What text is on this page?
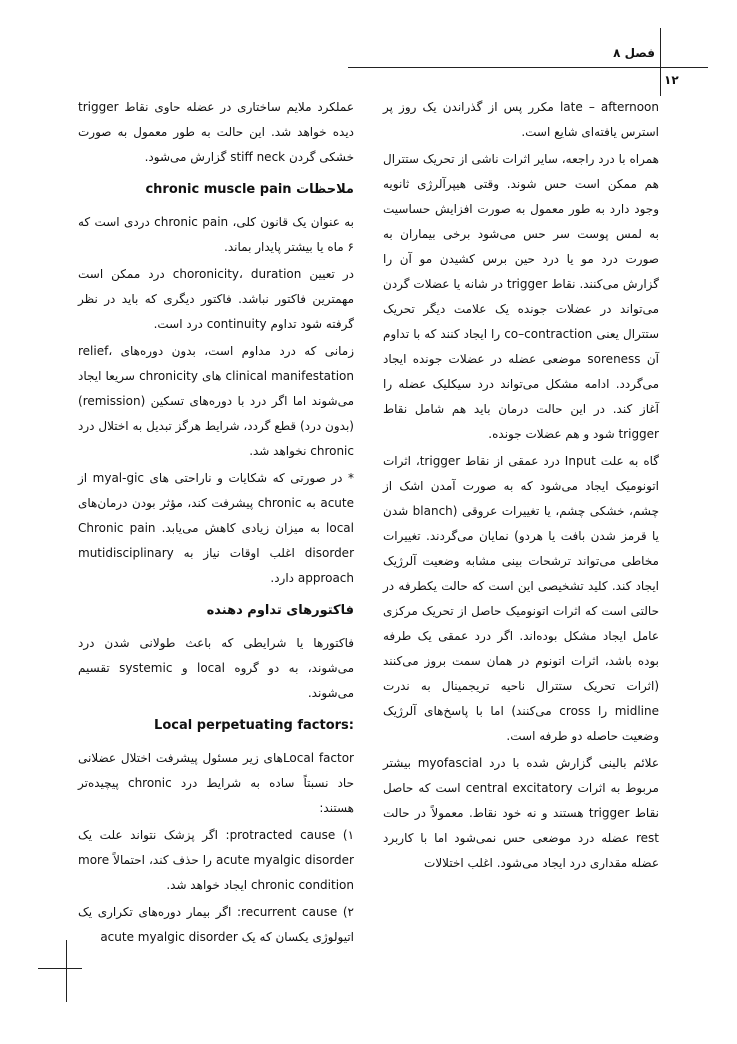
فصل ۸
۱۲

late – afternoon مکرر پس از گذراندن یک روز پر استرس یافته‌ای شایع است.

همراه با درد راجعه، سایر اثرات ناشی از تحریک ستترال هم ممکن است حس شوند. وقتی هیپرآلرژی ثانویه وجود دارد به طور معمول به صورت افزایش حساسیت به لمس پوست سر حس می‌شود برخی بیماران به صورت درد مو یا درد حین برس کشیدن مو آن را گزارش می‌کنند. نقاط trigger در شانه یا عضلات گردن می‌تواند در عضلات جونده یک علامت دیگر تحریک ستترال یعنی co–contraction را ایجاد کنند که با تداوم آن soreness موضعی عضله در عضلات جونده ایجاد می‌گردد. ادامه مشکل می‌تواند درد سیکلیک عضله را آغاز کند. در این حالت درمان باید هم شامل نقاط trigger شود و هم عضلات جونده.

گاه به علت Input درد عمقی از نقاط trigger، اثرات اتونومیک ایجاد می‌شود که به صورت آمدن اشک از چشم، خشکی چشم، یا تغییرات عروقی (blanch شدن یا قرمز شدن بافت یا هردو) نمایان می‌گردند. تغییرات مخاطی می‌تواند ترشحات بینی مشابه وضعیت آلرژیک ایجاد کند. کلید تشخیصی این است که حالت یکطرفه در حالتی است که اثرات اتونومیک حاصل از تحریک مرکزی عامل ایجاد مشکل بوده‌اند. اگر درد عمقی یک طرفه بوده باشد، اثرات اتونوم در همان سمت بروز می‌کنند (اثرات تحریک ستترال ناحیه تریجمینال به ندرت midline را cross می‌کنند) اما با پاسخ‌های آلرژیک وضعیت حاصله دو طرفه است.

علائم بالینی گزارش شده با درد myofascial بیشتر مربوط به اثرات central excitatory است که حاصل نقاط trigger هستند و نه خود نقاط. معمولاً در حالت rest عضله درد موضعی حس نمی‌شود اما با کاربرد عضله مقداری درد ایجاد می‌شود. اغلب اختلالات

عملکرد ملایم ساختاری در عضله حاوی نقاط trigger دیده خواهد شد. این حالت به طور معمول به صورت خشکی گردن stiff neck گزارش می‌شود.

ملاحظات chronic muscle pain

به عنوان یک قانون کلی، chronic pain دردی است که ۶ ماه یا بیشتر پایدار بماند.

در تعیین choronicity، duration درد ممکن است مهمترین فاکتور نباشد. فاکتور دیگری که باید در نظر گرفته شود تداوم continuity درد است.

زمانی که درد مداوم است، بدون دوره‌های relief، clinical manifestation های chronicity سریعا ایجاد می‌شوند اما اگر درد با دوره‌های تسکین (remission) (بدون درد) قطع گردد، شرایط هرگز تبدیل به اختلال درد chronic نخواهد شد.

* در صورتی که شکایات و ناراحتی های myal-gic از acute به chronic پیشرفت کند، مؤثر بودن درمان‌های local به میزان زیادی کاهش می‌یابد. Chronic pain disorder اغلب اوقات نیاز به mutidisciplinary approach دارد.

فاکتورهای تداوم دهنده

فاکتورها یا شرایطی که باعث طولانی شدن درد می‌شوند، به دو گروه local و systemic تقسیم می‌شوند.

:Local perpetuating factors

Local factorهای زیر مسئول پیشرفت اختلال عضلانی حاد نسبتاً ساده به شرایط درد chronic پیچیده‌تر هستند:

۱) protracted cause: اگر پزشک نتواند علت یک acute myalgic disorder را حذف کند، احتمالاً more chronic condition ایجاد خواهد شد.

۲) recurrent cause: اگر بیمار دوره‌های تکراری یک اتیولوژی یکسان که یک acute myalgic disorder
